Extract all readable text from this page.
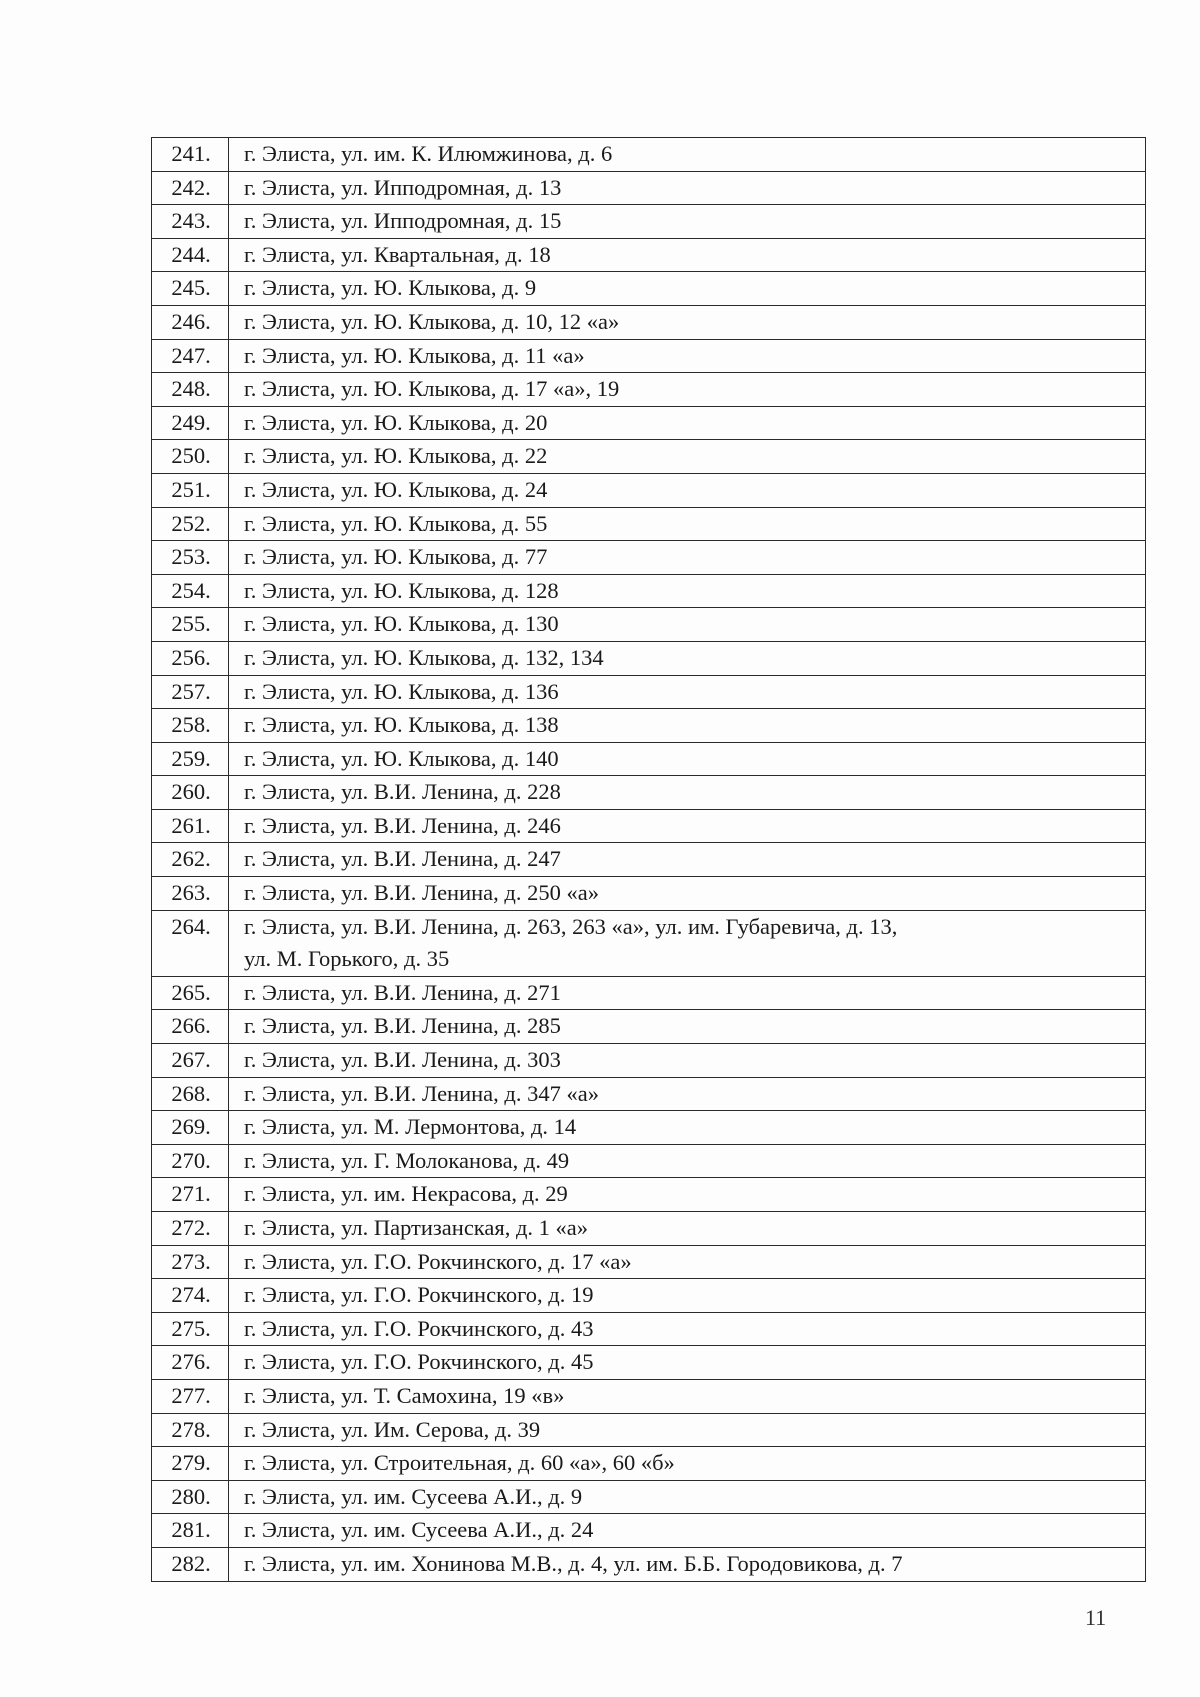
241.	г. Элиста, ул. им. К. Илюмжинова, д. 6

242.	г. Элиста, ул. Ипподромная, д. 13

243.	г. Элиста, ул. Ипподромная, д. 15

244.	г. Элиста, ул. Квартальная, д. 18

245.	г. Элиста, ул. Ю. Клыкова, д. 9

246.	г. Элиста, ул. Ю. Клыкова, д. 10, 12 «а»

247.	г. Элиста, ул. Ю. Клыкова, д. 11 «а»

248.	г. Элиста, ул. Ю. Клыкова, д. 17 «а», 19

249.	г. Элиста, ул. Ю. Клыкова, д. 20

250.	г. Элиста, ул. Ю. Клыкова, д. 22

251.	г. Элиста, ул. Ю. Клыкова, д. 24

252.	г. Элиста, ул. Ю. Клыкова, д. 55

253.	г. Элиста, ул. Ю. Клыкова, д. 77

254.	г. Элиста, ул. Ю. Клыкова, д. 128

255.	г. Элиста, ул. Ю. Клыкова, д. 130

256.	г. Элиста, ул. Ю. Клыкова, д. 132, 134

257.	г. Элиста, ул. Ю. Клыкова, д. 136

258.	г. Элиста, ул. Ю. Клыкова, д. 138

259.	г. Элиста, ул. Ю. Клыкова, д. 140

260.	г. Элиста, ул. В.И. Ленина, д. 228

261.	г. Элиста, ул. В.И. Ленина, д. 246

262.	г. Элиста, ул. В.И. Ленина, д. 247

263.	г. Элиста, ул. В.И. Ленина, д. 250 «а»

264.	г. Элиста, ул. В.И. Ленина, д. 263, 263 «а», ул. им. Губаревича, д. 13,
ул. М. Горького, д. 35

265.	г. Элиста, ул. В.И. Ленина, д. 271

266.	г. Элиста, ул. В.И. Ленина, д. 285

267.	г. Элиста, ул. В.И. Ленина, д. 303

268.	г. Элиста, ул. В.И. Ленина, д. 347 «а»

269.	г. Элиста, ул. М. Лермонтова, д. 14

270.	г. Элиста, ул. Г. Молоканова, д. 49

271.	г. Элиста, ул. им. Некрасова, д. 29

272.	г. Элиста, ул. Партизанская, д. 1 «а»

273.	г. Элиста, ул. Г.О. Рокчинского, д. 17 «а»

274.	г. Элиста, ул. Г.О. Рокчинского, д. 19

275.	г. Элиста, ул. Г.О. Рокчинского, д. 43

276.	г. Элиста, ул. Г.О. Рокчинского, д. 45

277.	г. Элиста, ул. Т. Самохина, 19 «в»

278.	г. Элиста, ул. Им. Серова, д. 39

279.	г. Элиста, ул. Строительная, д. 60 «а», 60 «б»

280.	г. Элиста, ул. им. Сусеева А.И., д. 9

281.	г. Элиста, ул. им. Сусеева А.И., д. 24

282.	г. Элиста, ул. им. Хонинова М.В., д. 4, ул. им. Б.Б. Городовикова, д. 7
11
